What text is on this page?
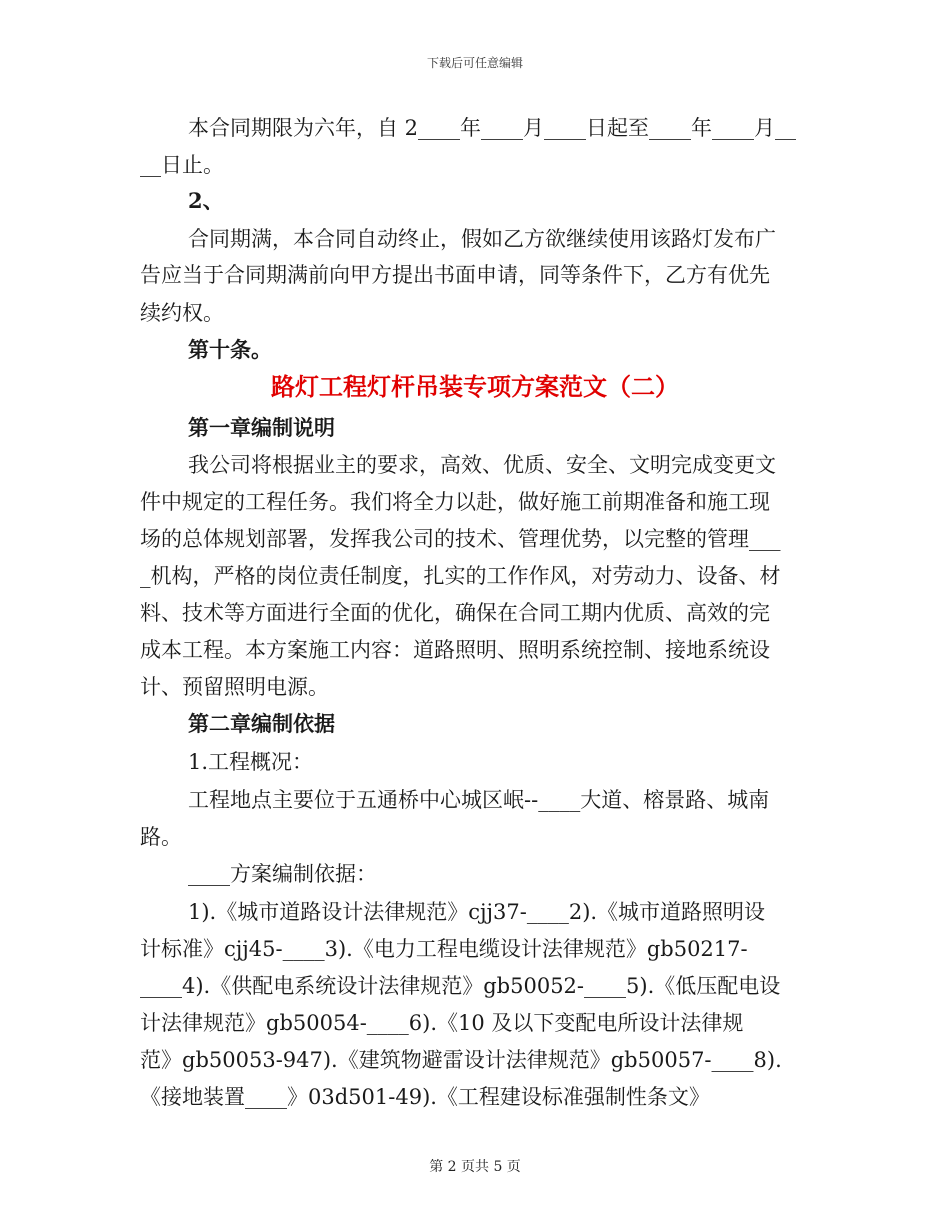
下载后可任意编辑
本合同期限为六年，自 2____年____月____日起至____年____月__
__日止。
2、
合同期满，本合同自动终止，假如乙方欲继续使用该路灯发布广
告应当于合同期满前向甲方提出书面申请，同等条件下，乙方有优先
续约权。
第十条。
路灯工程灯杆吊装专项方案范文（二）
第一章编制说明
我公司将根据业主的要求，高效、优质、安全、文明完成变更文
件中规定的工程任务。我们将全力以赴，做好施工前期准备和施工现
场的总体规划部署，发挥我公司的技术、管理优势，以完整的管理___
_机构，严格的岗位责任制度，扎实的工作作风，对劳动力、设备、材
料、技术等方面进行全面的优化，确保在合同工期内优质、高效的完
成本工程。本方案施工内容：道路照明、照明系统控制、接地系统设
计、预留照明电源。
第二章编制依据
1.工程概况：
工程地点主要位于五通桥中心城区岷--____大道、榕景路、城南
路。
____方案编制依据：
1).《城市道路设计法律规范》cjj37-____2).《城市道路照明设
计标准》cjj45-____3).《电力工程电缆设计法律规范》gb50217-
____4).《供配电系统设计法律规范》gb50052-____5).《低压配电设
计法律规范》gb50054-____6).《10 及以下变配电所设计法律规
范》gb50053-947).《建筑物避雷设计法律规范》gb50057-____8).
《接地装置____》03d501-49).《工程建设标准强制性条文》
第 2 页共 5 页
